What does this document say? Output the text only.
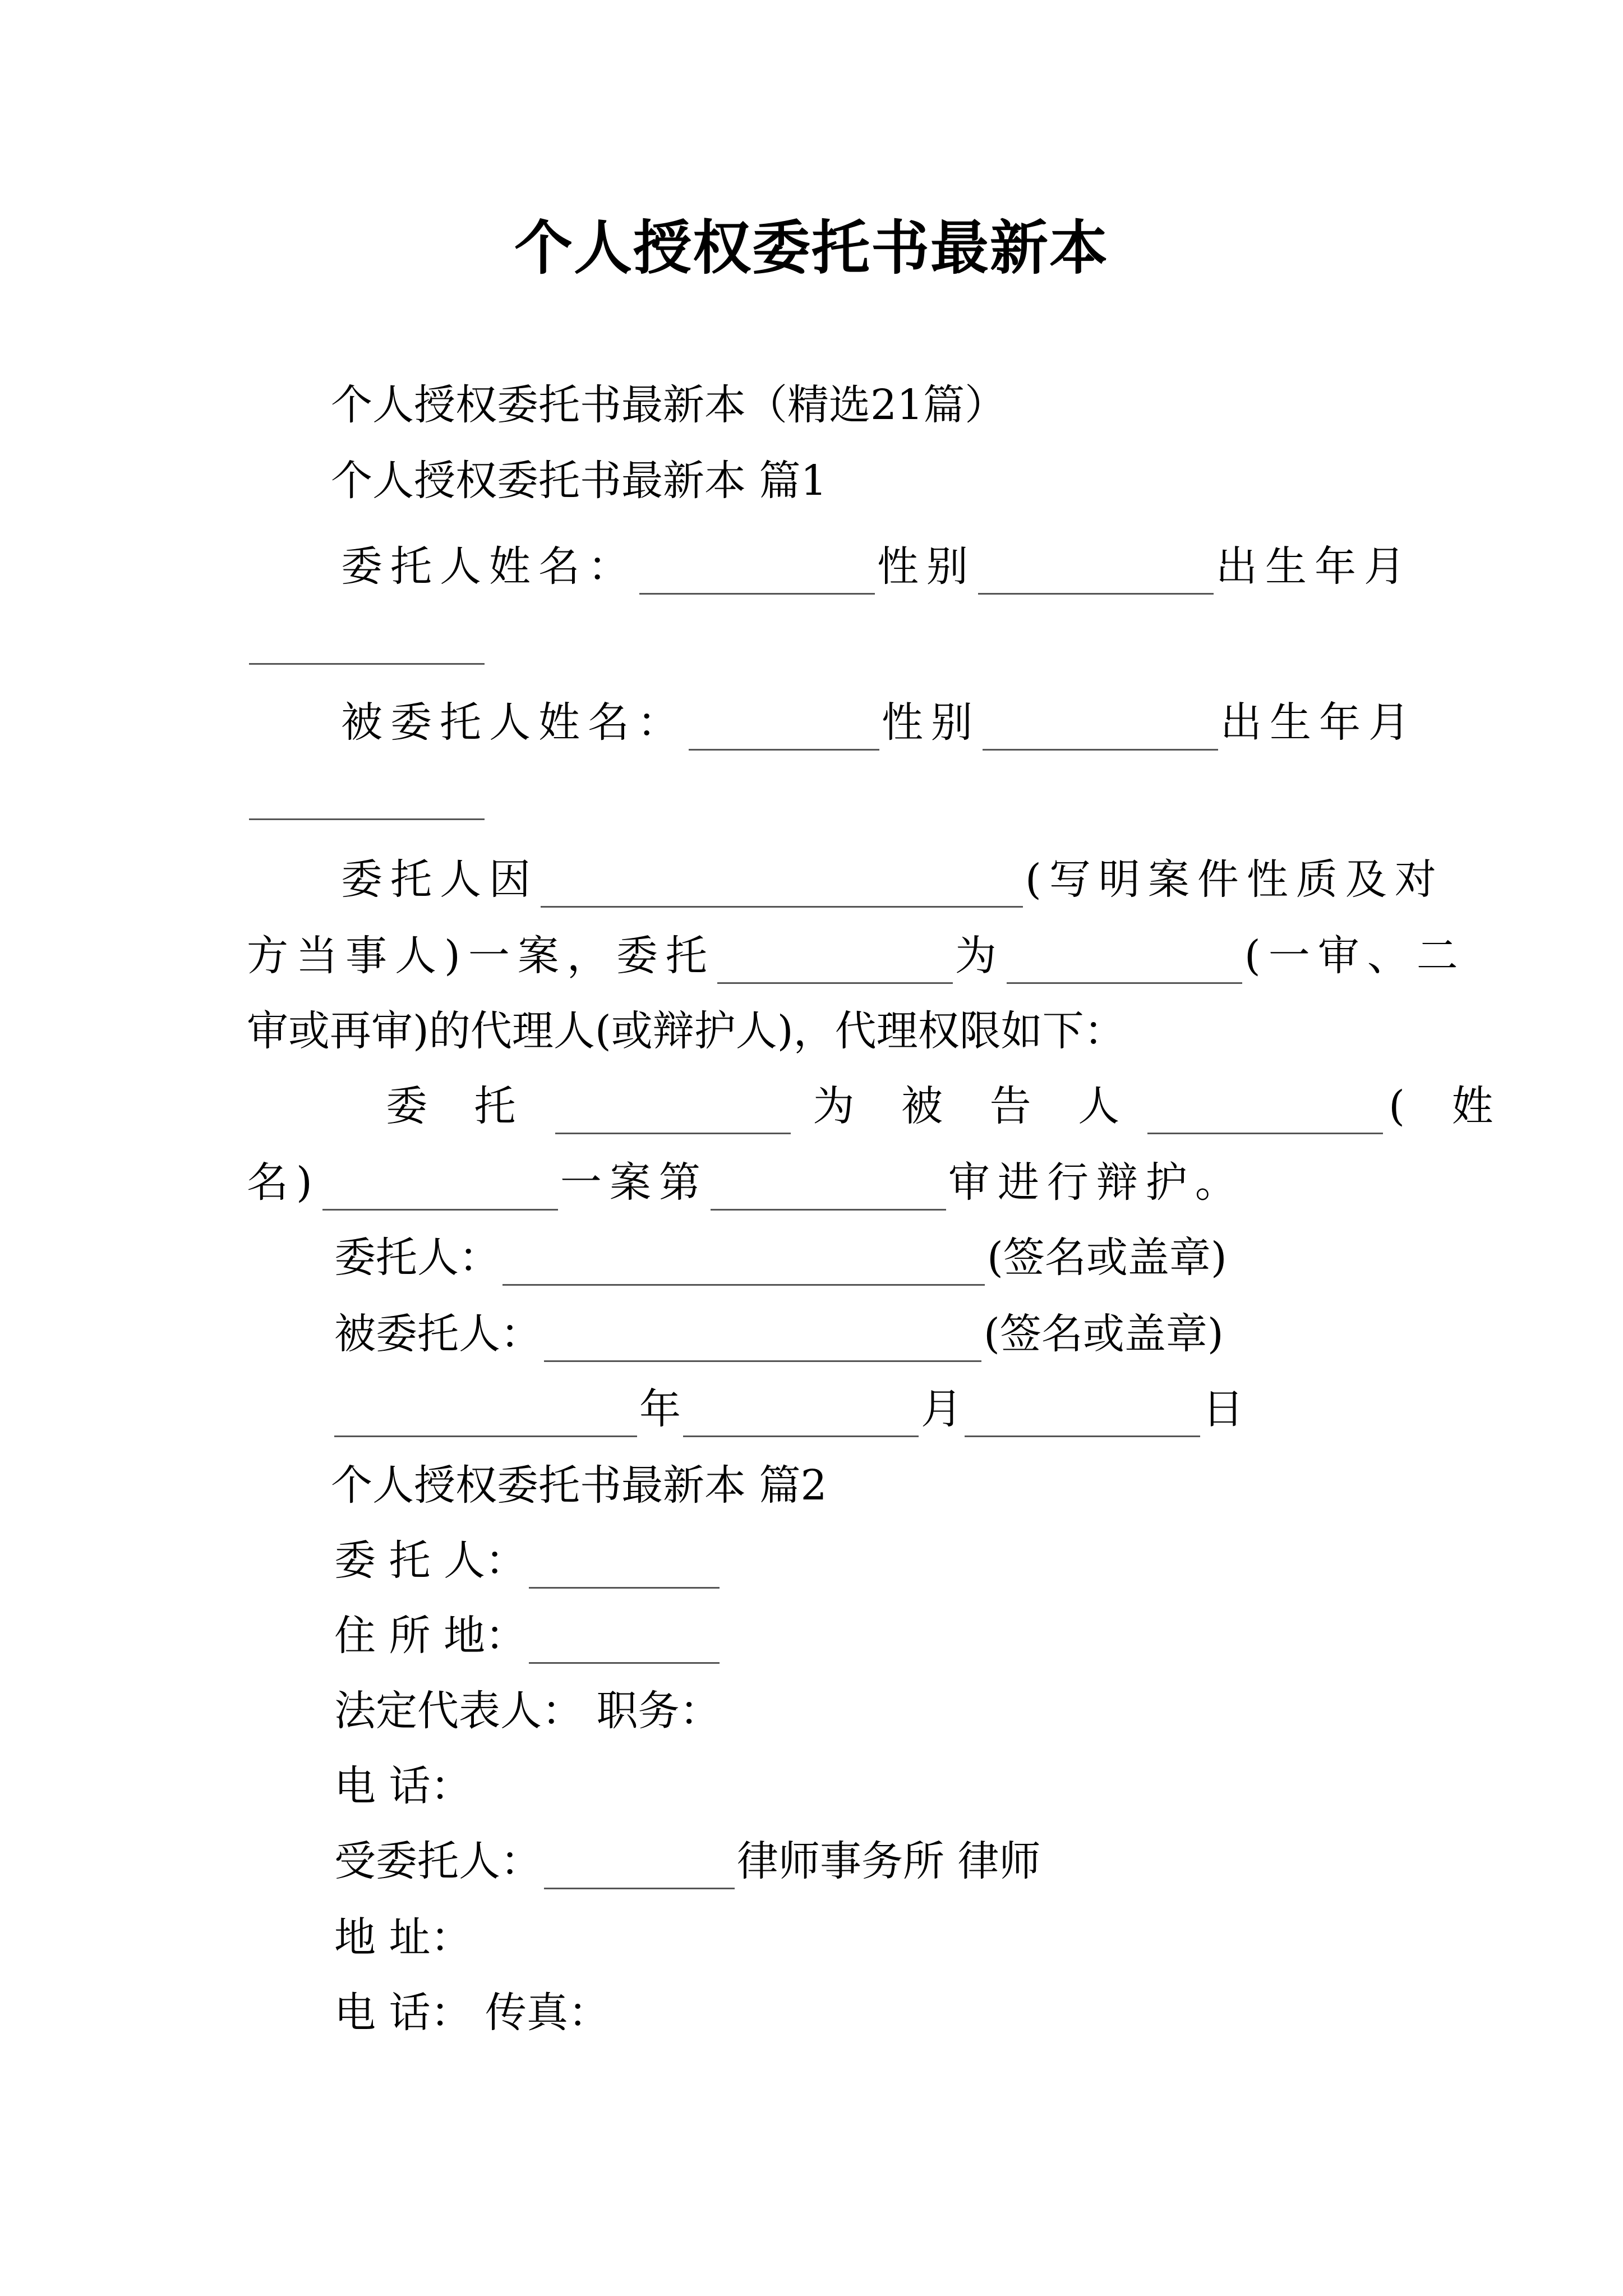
个人授权委托书最新本
个人授权委托书最新本（精选21篇）
个人授权委托书最新本 篇1
委托人姓名：	性别	出生年月
被委托人姓名：	性别	出生年月
委托人因	(写明案件性质及对
方当事人)一案，委托	为	(一审、二
审或再审)的代理人(或辩护人)，代理权限如下：
委 托	为 被 告 人	( 姓
名)	一案第	审进行辩护。
委托人：	(签名或盖章)
被委托人：	(签名或盖章)
年	月	日
个人授权委托书最新本 篇2
委 托 人：
住 所 地：
法定代表人： 职务：
电 话：
受委托人：	律师事务所 律师
地 址：
电 话： 传真：
